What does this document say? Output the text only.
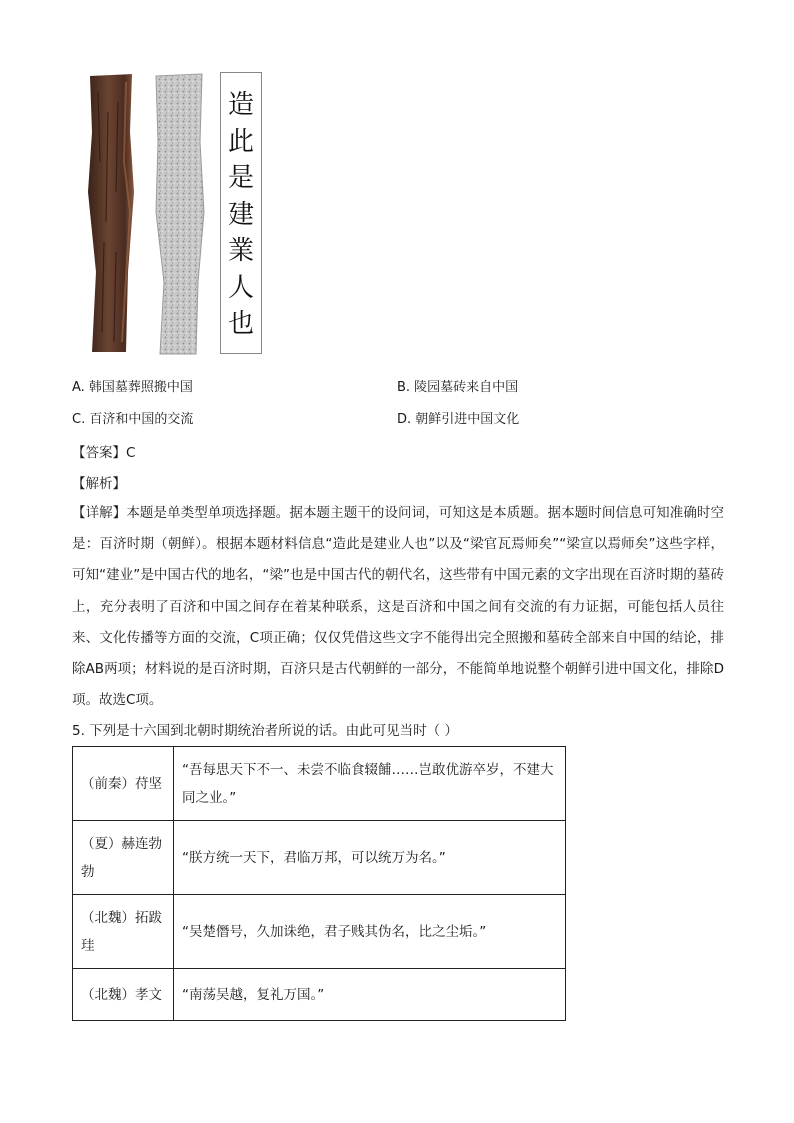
造
此
是
建
業
人
也
A. 韩国墓葬照搬中国	B. 陵园墓砖来自中国
C. 百济和中国的交流	D. 朝鲜引进中国文化
【答案】C
【解析】
【详解】本题是单类型单项选择题。据本题主题干的设问词，可知这是本质题。据本题时间信息可知准确时空是：百济时期（朝鲜）。根据本题材料信息“造此是建业人也”以及“梁官瓦焉师矣”“梁宣以焉师矣”这些字样，可知“建业”是中国古代的地名，“梁”也是中国古代的朝代名，这些带有中国元素的文字出现在百济时期的墓砖上，充分表明了百济和中国之间存在着某种联系，这是百济和中国之间有交流的有力证据，可能包括人员往来、文化传播等方面的交流，C项正确；仅仅凭借这些文字不能得出完全照搬和墓砖全部来自中国的结论，排除AB两项；材料说的是百济时期，百济只是古代朝鲜的一部分，不能简单地说整个朝鲜引进中国文化，排除D项。故选C项。
5. 下列是十六国到北朝时期统治者所说的话。由此可见当时（ ）
（前秦）苻坚	“吾每思天下不一、未尝不临食辍餔……岂敢优游卒岁，不建大同之业。”
（夏）赫连勃勃	“朕方统一天下，君临万邦，可以统万为名。”
（北魏）拓跋珪	“吴楚僭号，久加诛绝，君子贱其伪名，比之尘垢。”
（北魏）孝文	“南荡吴越，复礼万国。”
